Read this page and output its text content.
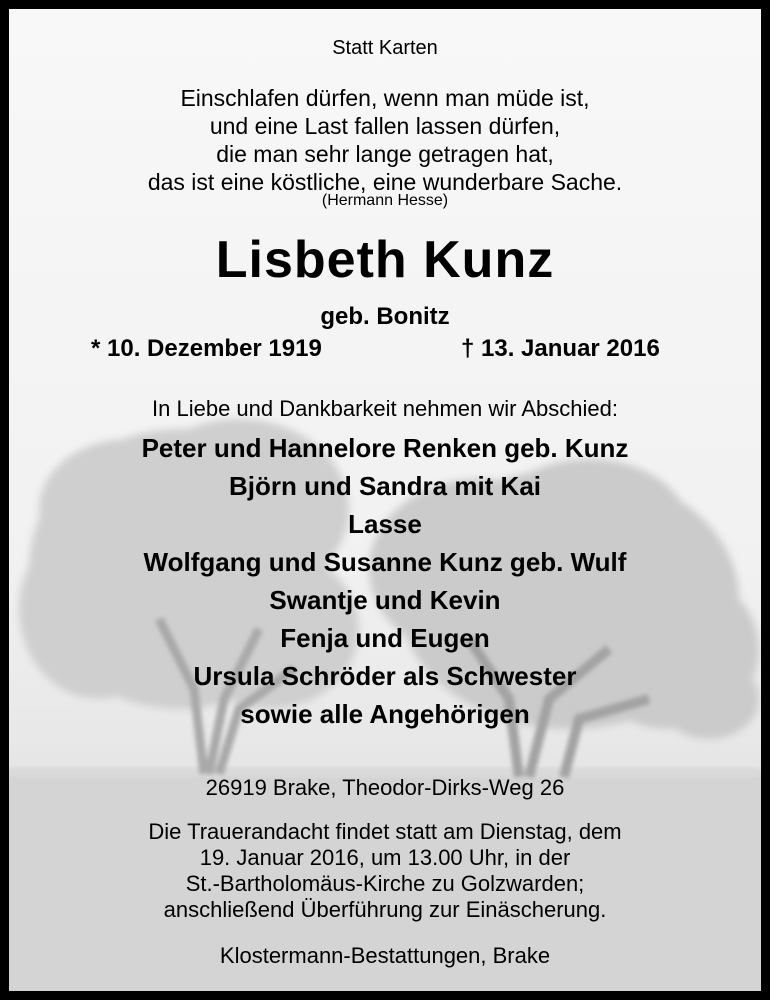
Statt Karten

Einschlafen dürfen, wenn man müde ist,

und eine Last fallen lassen dürfen,

die man sehr lange getragen hat,

das ist eine köstliche, eine wunderbare Sache.

(Hermann Hesse)

Lisbeth Kunz

geb. Bonitz

* 10. Dezember 1919	† 13. Januar 2016

In Liebe und Dankbarkeit nehmen wir Abschied:

Peter und Hannelore Renken geb. Kunz

Björn und Sandra mit Kai

Lasse

Wolfgang und Susanne Kunz geb. Wulf

Swantje und Kevin

Fenja und Eugen

Ursula Schröder als Schwester

sowie alle Angehörigen

26919 Brake, Theodor-Dirks-Weg 26

Die Trauerandacht findet statt am Dienstag, dem

19. Januar 2016, um 13.00 Uhr, in der

St.-Bartholomäus-Kirche zu Golzwarden;

anschließend Überführung zur Einäscherung.

Klostermann-Bestattungen, Brake
